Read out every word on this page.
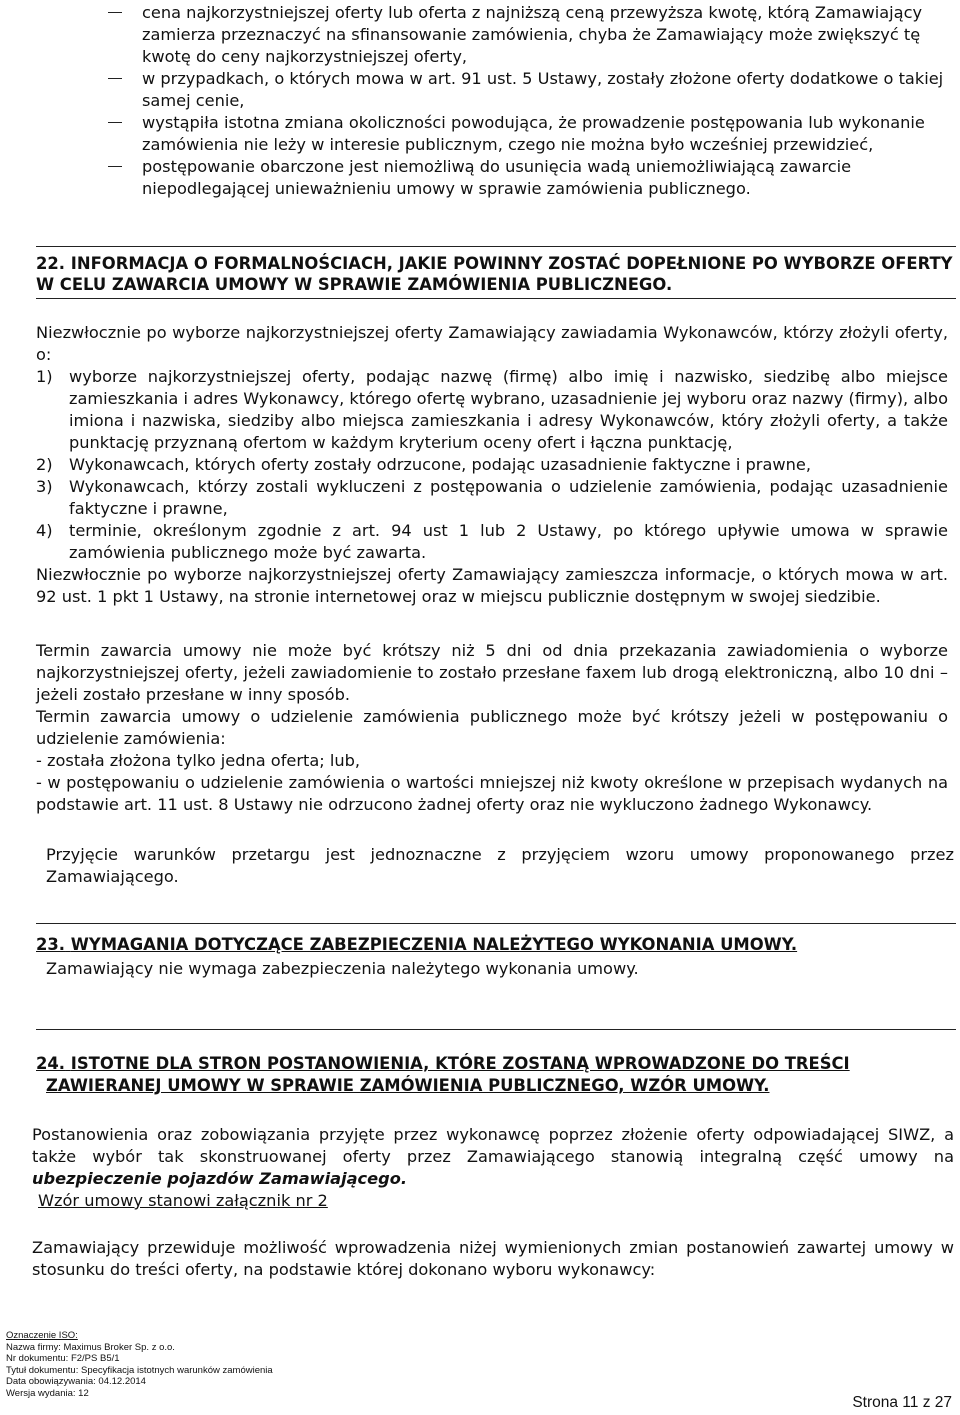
cena najkorzystniejszej oferty lub oferta z najniższą ceną przewyższa kwotę, którą Zamawiający zamierza przeznaczyć na sfinansowanie zamówienia, chyba że Zamawiający może zwiększyć tę kwotę do ceny najkorzystniejszej oferty,
w przypadkach, o których mowa w art. 91 ust. 5 Ustawy, zostały złożone oferty dodatkowe o takiej samej cenie,
wystąpiła istotna zmiana okoliczności powodująca, że prowadzenie postępowania lub wykonanie zamówienia nie leży w interesie publicznym, czego nie można było wcześniej przewidzieć,
postępowanie obarczone jest niemożliwą do usunięcia wadą uniemożliwiającą zawarcie niepodlegającej unieważnieniu umowy w sprawie zamówienia publicznego.
22. INFORMACJA O FORMALNOŚCIACH, JAKIE POWINNY ZOSTAĆ DOPEŁNIONE PO WYBORZE OFERTY W CELU ZAWARCIA UMOWY W SPRAWIE ZAMÓWIENIA PUBLICZNEGO.

Niezwłocznie po wyborze najkorzystniejszej oferty Zamawiający zawiadamia Wykonawców, którzy złożyli oferty, o:

1) wyborze najkorzystniejszej oferty, podając nazwę (firmę) albo imię i nazwisko, siedzibę albo miejsce zamieszkania i adres Wykonawcy, którego ofertę wybrano, uzasadnienie jej wyboru oraz nazwy (firmy), albo imiona i nazwiska, siedziby albo miejsca zamieszkania i adresy Wykonawców, który złożyli oferty, a także punktację przyznaną ofertom w każdym kryterium oceny ofert i łączna punktację,
2) Wykonawcach, których oferty zostały odrzucone, podając uzasadnienie faktyczne i prawne,
3) Wykonawcach, którzy zostali wykluczeni z postępowania o udzielenie zamówienia, podając uzasadnienie faktyczne i prawne,
4) terminie, określonym zgodnie z art. 94 ust 1 lub 2 Ustawy, po którego upływie umowa w sprawie zamówienia publicznego może być zawarta.

Niezwłocznie po wyborze najkorzystniejszej oferty Zamawiający zamieszcza informacje, o których mowa w art. 92 ust. 1 pkt 1 Ustawy, na stronie internetowej oraz w miejscu publicznie dostępnym w swojej siedzibie.

Termin zawarcia umowy nie może być krótszy niż 5 dni od dnia przekazania zawiadomienia o wyborze najkorzystniejszej oferty, jeżeli zawiadomienie to zostało przesłane faxem lub drogą elektroniczną, albo 10 dni – jeżeli zostało przesłane w inny sposób.

Termin zawarcia umowy o udzielenie zamówienia publicznego może być krótszy jeżeli w postępowaniu o udzielenie zamówienia:

- została złożona tylko jedna oferta; lub,

- w postępowaniu o udzielenie zamówienia o wartości mniejszej niż kwoty określone w przepisach wydanych na podstawie art. 11 ust. 8 Ustawy nie odrzucono żadnej oferty oraz nie wykluczono żadnego Wykonawcy.

Przyjęcie warunków przetargu jest jednoznaczne z przyjęciem wzoru umowy proponowanego przez Zamawiającego.

23. WYMAGANIA DOTYCZĄCE ZABEZPIECZENIA NALEŻYTEGO WYKONANIA UMOWY.

Zamawiający nie wymaga zabezpieczenia należytego wykonania umowy.

24. ISTOTNE DLA STRON POSTANOWIENIA, KTÓRE ZOSTANĄ WPROWADZONE DO TREŚCI
ZAWIERANEJ UMOWY W SPRAWIE ZAMÓWIENIA PUBLICZNEGO, WZÓR UMOWY.

Postanowienia oraz zobowiązania przyjęte przez wykonawcę poprzez złożenie oferty odpowiadającej SIWZ, a także wybór tak skonstruowanej oferty przez Zamawiającego stanowią integralną część umowy na ubezpieczenie pojazdów Zamawiającego.

Wzór umowy stanowi załącznik nr 2

Zamawiający przewiduje możliwość wprowadzenia niżej wymienionych zmian postanowień zawartej umowy w stosunku do treści oferty, na podstawie której dokonano wyboru wykonawcy:

Oznaczenie ISO:
Nazwa firmy: Maximus Broker Sp. z o.o.
Nr dokumentu: F2/PS B5/1
Tytuł dokumentu: Specyfikacja istotnych warunków zamówienia
Data obowiązywania: 04.12.2014
Wersja wydania: 12
Strona 11 z 27
